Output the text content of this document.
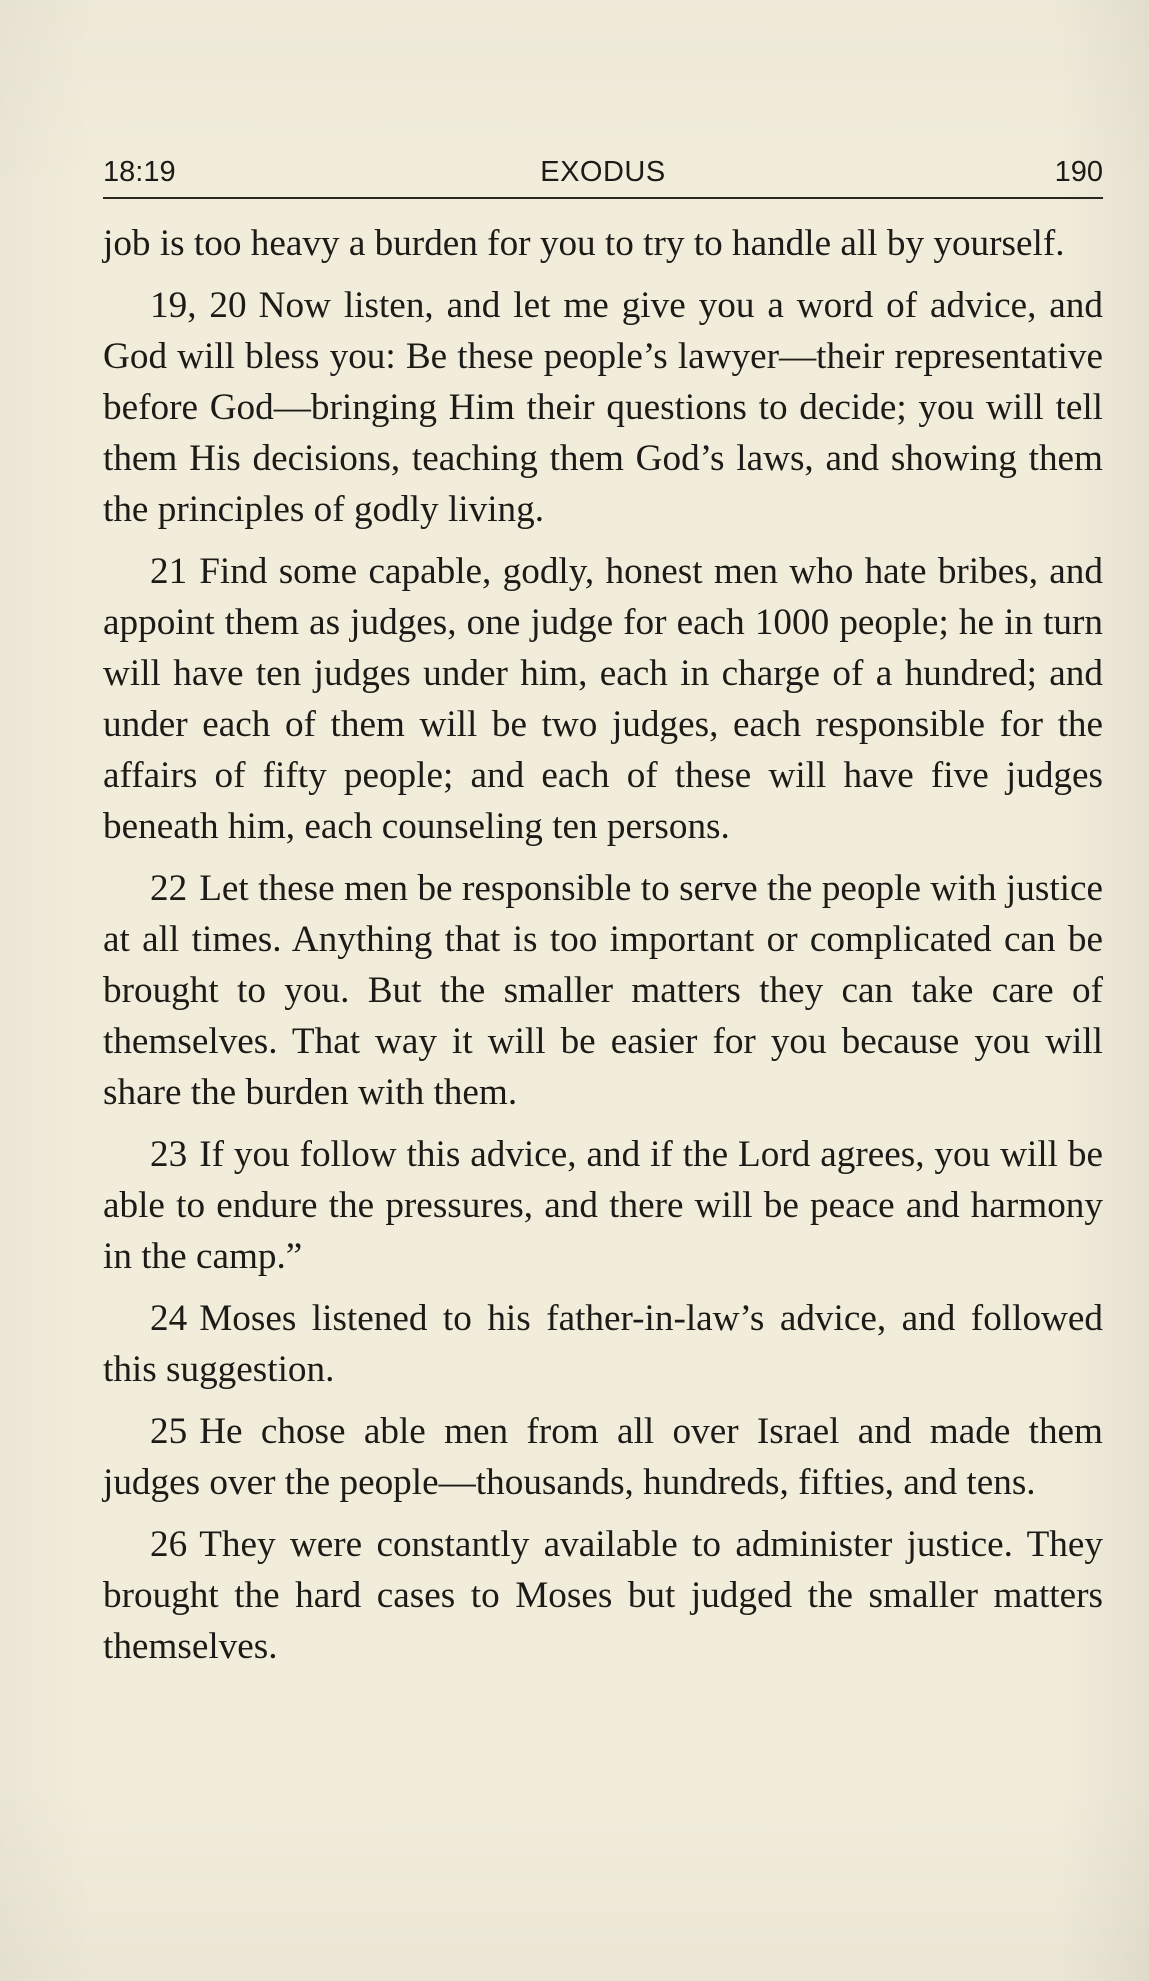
18:19	EXODUS	190

job is too heavy a burden for you to try to handle all by yourself.

19, 20 Now listen, and let me give you a word of advice, and God will bless you: Be these people’s lawyer—their representative before God—bringing Him their questions to decide; you will tell them His decisions, teaching them God’s laws, and showing them the principles of godly living.

21 Find some capable, godly, honest men who hate bribes, and appoint them as judges, one judge for each 1000 people; he in turn will have ten judges under him, each in charge of a hundred; and under each of them will be two judges, each responsible for the affairs of fifty people; and each of these will have five judges beneath him, each counseling ten persons.

22 Let these men be responsible to serve the people with justice at all times. Anything that is too important or complicated can be brought to you. But the smaller matters they can take care of themselves. That way it will be easier for you because you will share the burden with them.

23 If you follow this advice, and if the Lord agrees, you will be able to endure the pressures, and there will be peace and harmony in the camp.”

24 Moses listened to his father-in-law’s advice, and followed this suggestion.

25 He chose able men from all over Israel and made them judges over the people—thousands, hundreds, fifties, and tens.

26 They were constantly available to administer justice. They brought the hard cases to Moses but judged the smaller matters themselves.
